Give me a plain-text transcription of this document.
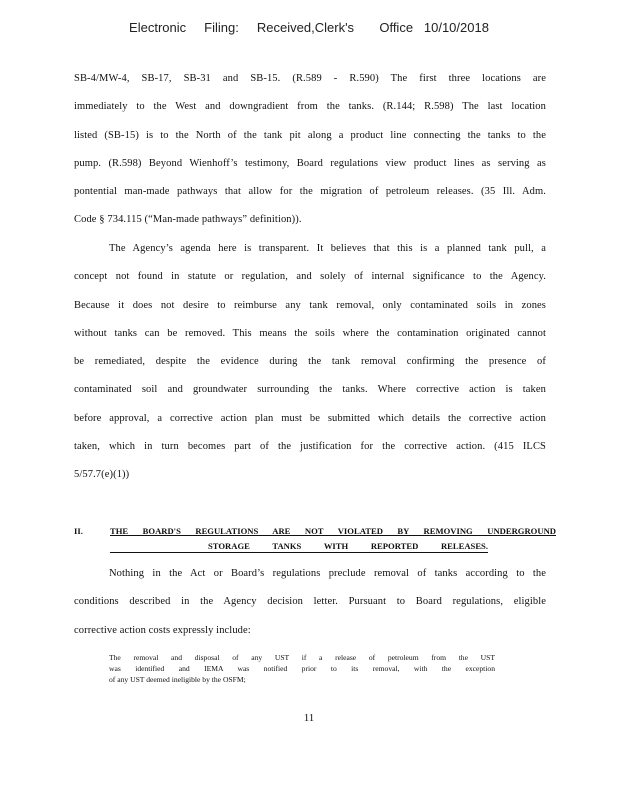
Electronic     Filing:     Received,Clerk's       Office   10/10/2018
SB-4/MW-4, SB-17, SB-31 and SB-15. (R.589 - R.590) The first three locations are
immediately to the West and downgradient from the tanks. (R.144; R.598) The last location
listed (SB-15) is to the North of the tank pit along a product line connecting the tanks to the
pump. (R.598) Beyond Wienhoff’s testimony, Board regulations view product lines as serving as
pontential man-made pathways that allow for the migration of petroleum releases. (35 Ill. Adm.
Code § 734.115 (“Man-made pathways” definition)).
The Agency’s agenda here is transparent. It believes that this is a planned tank pull, a
concept not found in statute or regulation, and solely of internal significance to the Agency.
Because it does not desire to reimburse any tank removal, only contaminated soils in zones
without tanks can be removed. This means the soils where the contamination originated cannot
be remediated, despite the evidence during the tank removal confirming the presence of
contaminated soil and groundwater surrounding the tanks. Where corrective action is taken
before approval, a corrective action plan must be submitted which details the corrective action
taken, which in turn becomes part of the justification for the corrective action. (415 ILCS
5/57.7(e)(1))
II.	THE BOARD'S REGULATIONS ARE NOT VIOLATED BY REMOVING UNDERGROUND
STORAGE TANKS WITH REPORTED RELEASES.
Nothing in the Act or Board’s regulations preclude removal of tanks according to the
conditions described in the Agency decision letter. Pursuant to Board regulations, eligible
corrective action costs expressly include:
The removal and disposal of any UST if a release of petroleum from the UST
was identified and IEMA was notified prior to its removal, with the exception
of any UST deemed ineligible by the OSFM;
11
